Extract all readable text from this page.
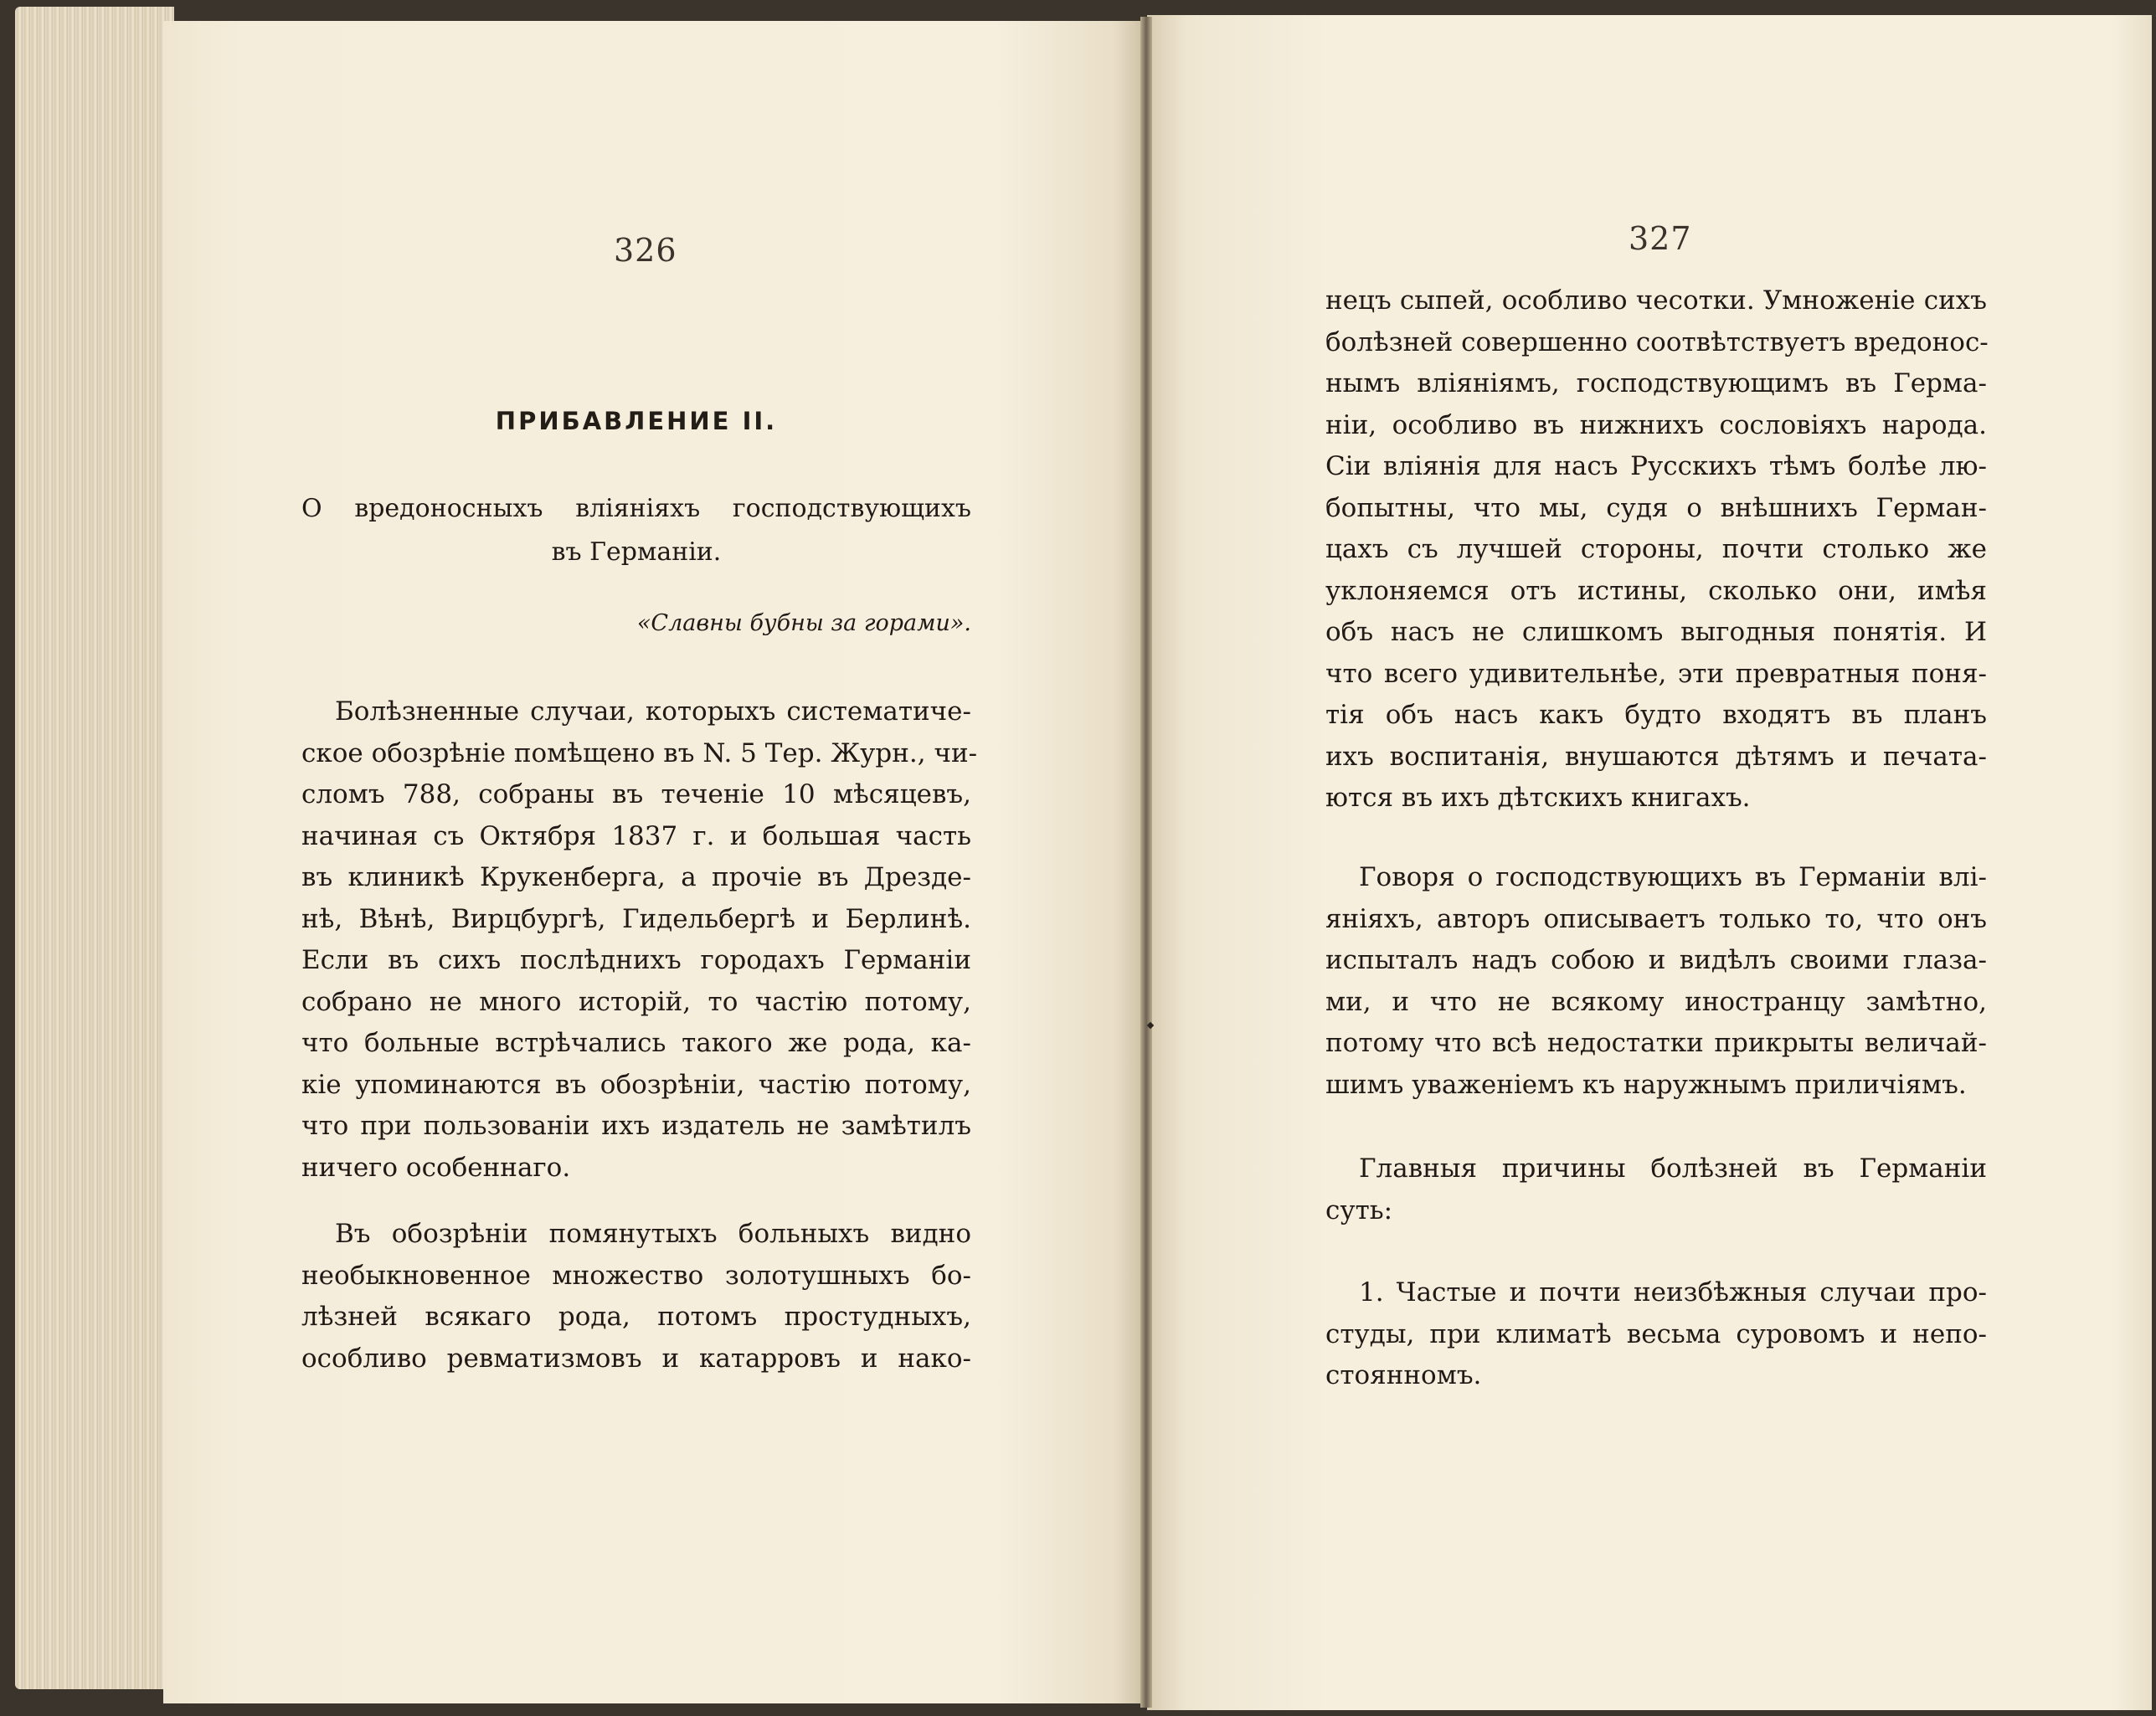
326
ПРИБАВЛЕНИЕ II.
О вредоносныхъ вліяніяхъ господствующихъ
въ Германіи.
«Славны бубны за горами».
Болѣзненные случаи, которыхъ систематиче-
ское обозрѣніе помѣщено въ N. 5 Тер. Журн., чи-
сломъ 788, собраны въ теченіе 10 мѣсяцевъ,
начиная съ Октября 1837 г. и большая часть
въ клиникѣ Крукенберга, а прочіе въ Дрезде-
нѣ, Вѣнѣ, Вирцбургѣ, Гидельбергѣ и Берлинѣ.
Если въ сихъ послѣднихъ городахъ Германіи
собрано не много исторій, то частію потому,
что больные встрѣчались такого же рода, ка-
кіе упоминаются въ обозрѣніи, частію потому,
что при пользованіи ихъ издатель не замѣтилъ
ничего особеннаго.
Въ обозрѣніи помянутыхъ больныхъ видно
необыкновенное множество золотушныхъ бо-
лѣзней всякаго рода, потомъ простудныхъ,
особливо ревматизмовъ и катарровъ и нако-
327
нецъ сыпей, особливо чесотки. Умноженіе сихъ
болѣзней совершенно соотвѣтствуетъ вредонос-
нымъ вліяніямъ, господствующимъ въ Герма-
ніи, особливо въ нижнихъ сословіяхъ народа.
Сіи вліянія для насъ Русскихъ тѣмъ болѣе лю-
бопытны, что мы, судя о внѣшнихъ Герман-
цахъ съ лучшей стороны, почти столько же
уклоняемся отъ истины, сколько они, имѣя
объ насъ не слишкомъ выгодныя понятія. И
что всего удивительнѣе, эти превратныя поня-
тія объ насъ какъ будто входятъ въ планъ
ихъ воспитанія, внушаются дѣтямъ и печата-
ются въ ихъ дѣтскихъ книгахъ.
Говоря о господствующихъ въ Германіи влі-
яніяхъ, авторъ описываетъ только то, что онъ
испыталъ надъ собою и видѣлъ своими глаза-
ми, и что не всякому иностранцу замѣтно,
потому что всѣ недостатки прикрыты величай-
шимъ уваженіемъ къ наружнымъ приличіямъ.
Главныя причины болѣзней въ Германіи
суть:
1. Частые и почти неизбѣжныя случаи про-
студы, при климатѣ весьма суровомъ и непо-
стоянномъ.
